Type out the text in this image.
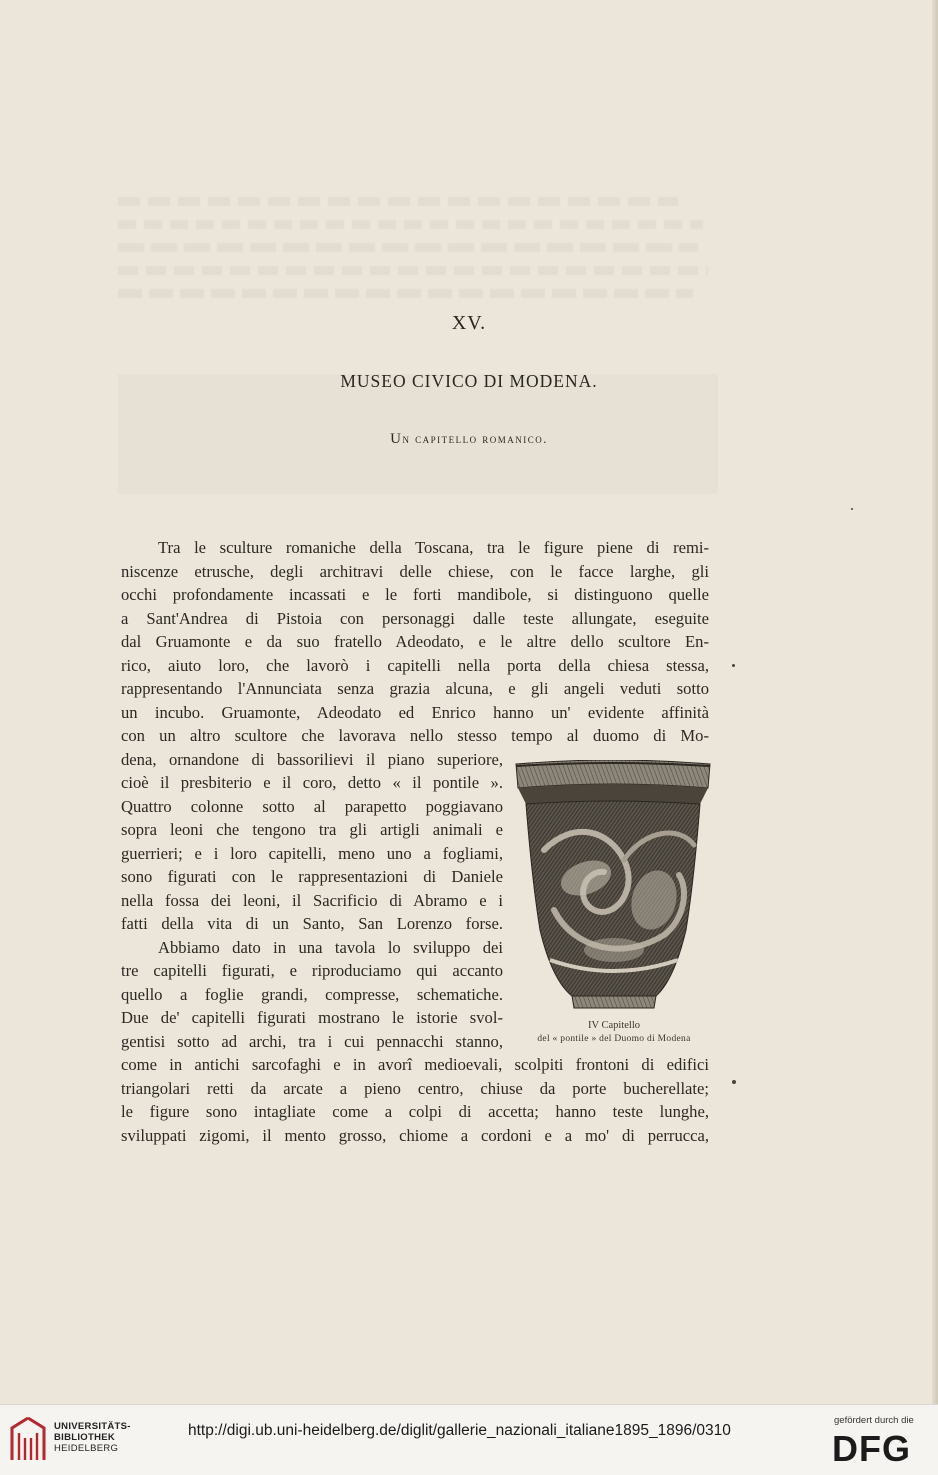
XV.
MUSEO CIVICO DI MODENA.
Un capitello romanico.
Tra le sculture romaniche della Toscana, tra le figure piene di remi-
niscenze etrusche, degli architravi delle chiese, con le facce larghe, gli
occhi profondamente incassati e le forti mandibole, si distinguono quelle
a Sant'Andrea di Pistoia con personaggi dalle teste allungate, eseguite
dal Gruamonte e da suo fratello Adeodato, e le altre dello scultore En-
rico, aiuto loro, che lavorò i capitelli nella porta della chiesa stessa,
rappresentando l'Annunciata senza grazia alcuna, e gli angeli veduti sotto
un incubo. Gruamonte, Adeodato ed Enrico hanno un' evidente affinità
con un altro scultore che lavorava nello stesso tempo al duomo di Mo-
dena, ornandone di bassorilievi il piano superiore,
cioè il presbiterio e il coro, detto « il pontile ».
Quattro colonne sotto al parapetto poggiavano
sopra leoni che tengono tra gli artigli animali e
guerrieri; e i loro capitelli, meno uno a fogliami,
sono figurati con le rappresentazioni di Daniele
nella fossa dei leoni, il Sacrificio di Abramo e i
fatti della vita di un Santo, San Lorenzo forse.
Abbiamo dato in una tavola lo sviluppo dei
tre capitelli figurati, e riproduciamo qui accanto
quello a foglie grandi, compresse, schematiche.
Due de' capitelli figurati mostrano le istorie svol-
gentisi sotto ad archi, tra i cui pennacchi stanno,
come in antichi sarcofaghi e in avorî medioevali, scolpiti frontoni di edifici
triangolari retti da arcate a pieno centro, chiuse da porte bucherellate;
le figure sono intagliate come a colpi di accetta; hanno teste lunghe,
sviluppati zigomi, il mento grosso, chiome a cordoni e a mo' di perrucca,
IV Capitello
del « pontile » del Duomo di Modena
UNIVERSITÄTS-
BIBLIOTHEK
HEIDELBERG
http://digi.ub.uni-heidelberg.de/diglit/gallerie_nazionali_italiane1895_1896/0310
gefördert durch die
DFG
